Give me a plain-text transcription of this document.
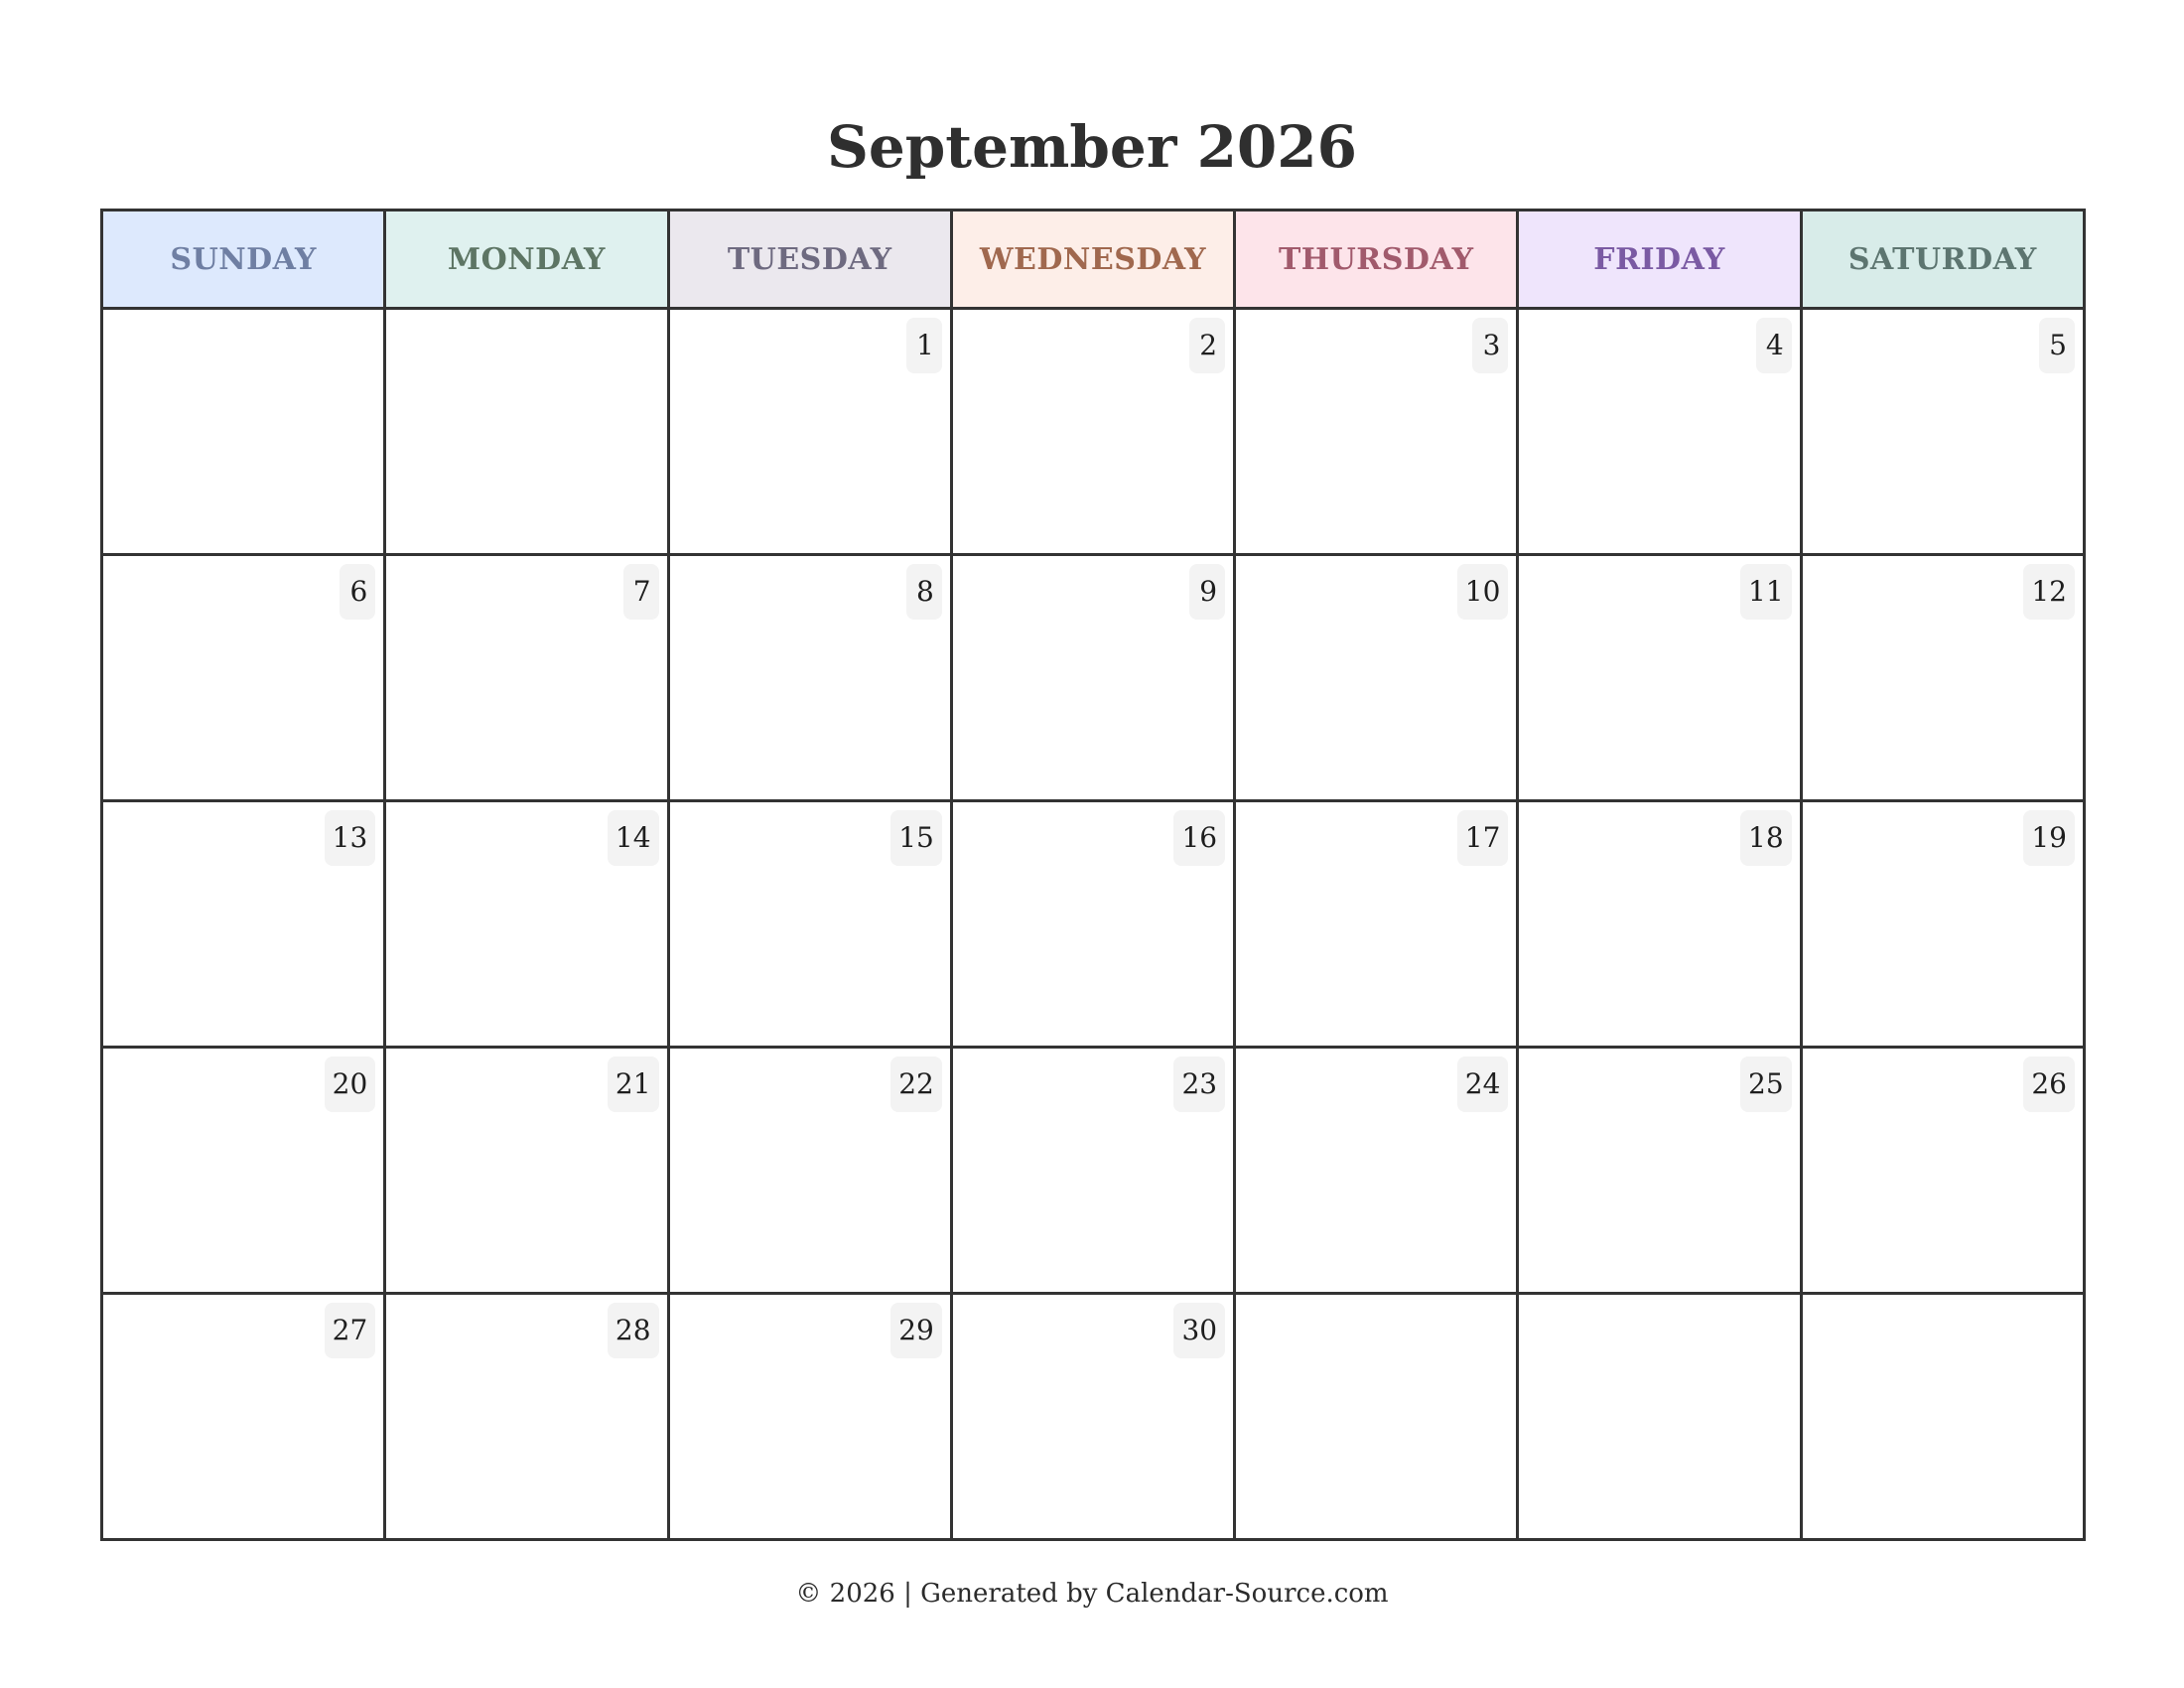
September 2026
SUNDAY	MONDAY	TUESDAY	WEDNESDAY	THURSDAY	FRIDAY	SATURDAY

		1	2	3	4	5

6	7	8	9	10	11	12

13	14	15	16	17	18	19

20	21	22	23	24	25	26

27	28	29	30			

© 2026 | Generated by Calendar-Source.com
